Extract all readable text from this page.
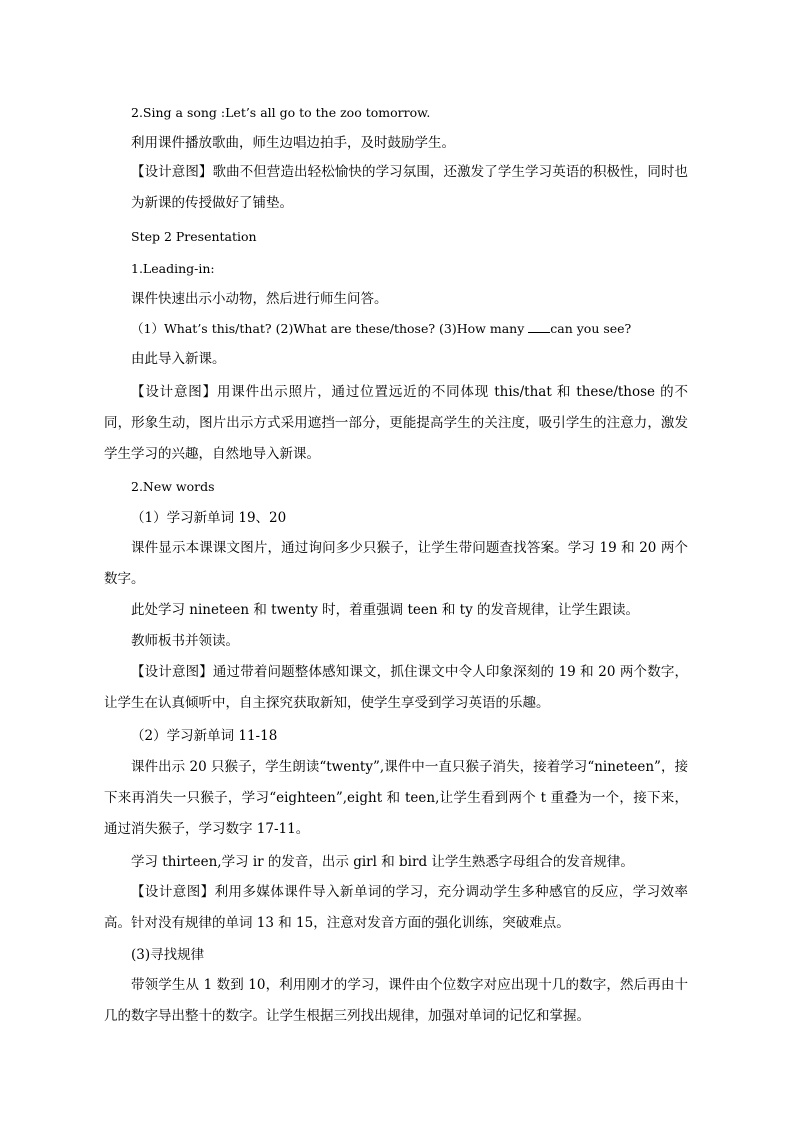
2.Sing a song :Let’s all go to the zoo tomorrow.
利用课件播放歌曲，师生边唱边拍手，及时鼓励学生。
【设计意图】歌曲不但营造出轻松愉快的学习氛围，还激发了学生学习英语的积极性，同时也为新课的传授做好了铺垫。
Step 2 Presentation
1.Leading-in:
课件快速出示小动物，然后进行师生问答。
（1）What’s this/that? (2)What are these/those? (3)How many can you see?
由此导入新课。
【设计意图】用课件出示照片，通过位置远近的不同体现 this/that 和 these/those 的不同，形象生动，图片出示方式采用遮挡一部分，更能提高学生的关注度，吸引学生的注意力，激发学生学习的兴趣，自然地导入新课。
2.New words
（1）学习新单词 19、20
课件显示本课课文图片，通过询问多少只猴子，让学生带问题查找答案。学习 19 和 20 两个数字。
此处学习 nineteen 和 twenty 时，着重强调 teen 和 ty 的发音规律，让学生跟读。
教师板书并领读。
【设计意图】通过带着问题整体感知课文，抓住课文中令人印象深刻的 19 和 20 两个数字，让学生在认真倾听中，自主探究获取新知，使学生享受到学习英语的乐趣。
（2）学习新单词 11-18
课件出示 20 只猴子，学生朗读“twenty”,课件中一直只猴子消失，接着学习“nineteen”，接下来再消失一只猴子，学习“eighteen”,eight 和 teen,让学生看到两个 t 重叠为一个，接下来，通过消失猴子，学习数字 17-11。
学习 thirteen,学习 ir 的发音，出示 girl 和 bird 让学生熟悉字母组合的发音规律。
【设计意图】利用多媒体课件导入新单词的学习，充分调动学生多种感官的反应，学习效率高。针对没有规律的单词 13 和 15，注意对发音方面的强化训练，突破难点。
(3)寻找规律
带领学生从 1 数到 10，利用刚才的学习，课件由个位数字对应出现十几的数字，然后再由十几的数字导出整十的数字。让学生根据三列找出规律，加强对单词的记忆和掌握。
